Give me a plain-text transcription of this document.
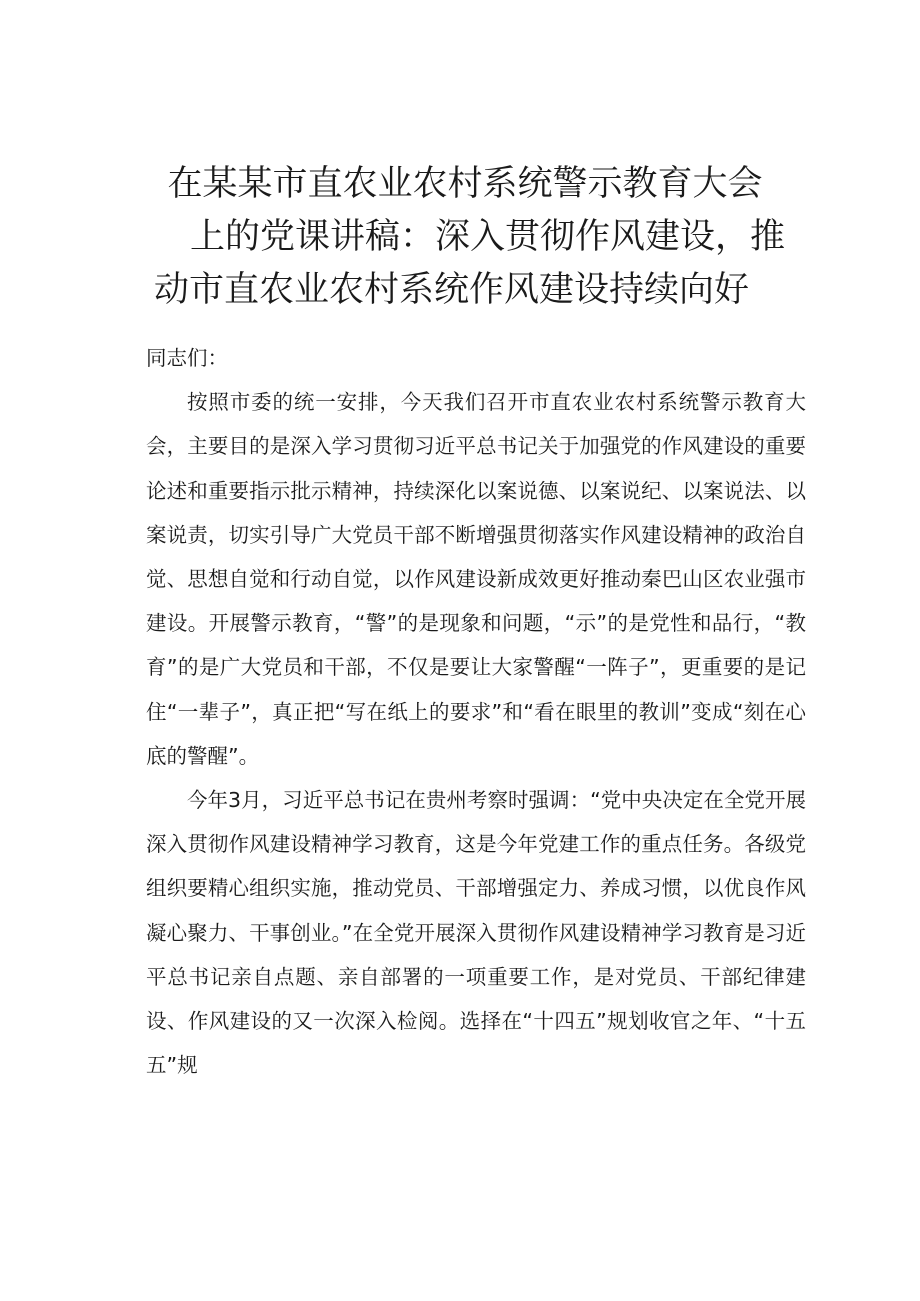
在某某市直农业农村系统警示教育大会
上的党课讲稿：深入贯彻作风建设，推
动市直农业农村系统作风建设持续向好
同志们：

按照市委的统一安排，今天我们召开市直农业农村系统警示教育大会，主要目的是深入学习贯彻习近平总书记关于加强党的作风建设的重要论述和重要指示批示精神，持续深化以案说德、以案说纪、以案说法、以案说责，切实引导广大党员干部不断增强贯彻落实作风建设精神的政治自觉、思想自觉和行动自觉，以作风建设新成效更好推动秦巴山区农业强市建设。开展警示教育，“警”的是现象和问题，“示”的是党性和品行，“教育”的是广大党员和干部，不仅是要让大家警醒“一阵子”，更重要的是记住“一辈子”，真正把“写在纸上的要求”和“看在眼里的教训”变成“刻在心底的警醒”。

今年3月，习近平总书记在贵州考察时强调：“党中央决定在全党开展深入贯彻作风建设精神学习教育，这是今年党建工作的重点任务。各级党组织要精心组织实施，推动党员、干部增强定力、养成习惯，以优良作风凝心聚力、干事创业。”在全党开展深入贯彻作风建设精神学习教育是习近平总书记亲自点题、亲自部署的一项重要工作，是对党员、干部纪律建设、作风建设的又一次深入检阅。选择在“十四五”规划收官之年、“十五五”规
